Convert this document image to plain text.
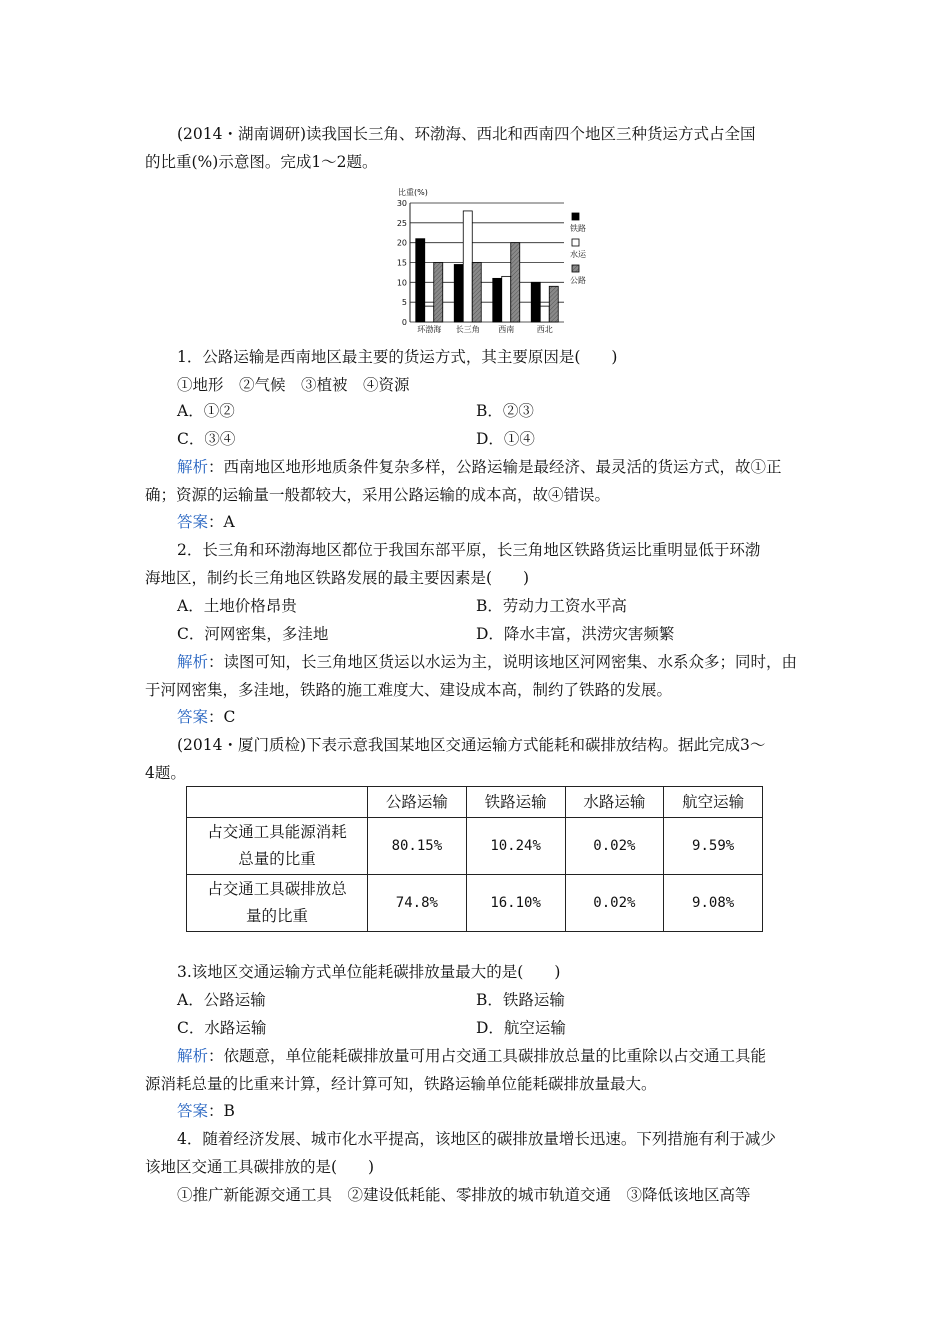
(2014・湖南调研)读我国长三角、环渤海、西北和西南四个地区三种货运方式占全国
的比重(%)示意图。完成1～2题。
比重(%)
30
25
20
15
10
5
0
环渤海 长三角 西南	西北
铁路
水运
公路
1．公路运输是西南地区最主要的货运方式，其主要原因是(　　)
①地形　②气候　③植被　④资源
A．①②	B．②③
C．③④	D．①④
解析：西南地区地形地质条件复杂多样，公路运输是最经济、最灵活的货运方式，故①正
确；资源的运输量一般都较大，采用公路运输的成本高，故④错误。
答案：A
2．长三角和环渤海地区都位于我国东部平原，长三角地区铁路货运比重明显低于环渤
海地区，制约长三角地区铁路发展的最主要因素是(　　)
A．土地价格昂贵	B．劳动力工资水平高
C．河网密集，多洼地	D．降水丰富，洪涝灾害频繁
解析：读图可知，长三角地区货运以水运为主，说明该地区河网密集、水系众多；同时，由
于河网密集，多洼地，铁路的施工难度大、建设成本高，制约了铁路的发展。
答案：C
(2014・厦门质检)下表示意我国某地区交通运输方式能耗和碳排放结构。据此完成3～
4题。
	公路运输	铁路运输	水路运输	航空运输

占交通工具能源消耗
总量的比重	80.15%	10.24%	0.02%	9.59%

占交通工具碳排放总
量的比重	74.8%	16.10%	0.02%	9.08%
3.该地区交通运输方式单位能耗碳排放量最大的是(　　)
A．公路运输	B．铁路运输
C．水路运输	D．航空运输
解析：依题意，单位能耗碳排放量可用占交通工具碳排放总量的比重除以占交通工具能
源消耗总量的比重来计算，经计算可知，铁路运输单位能耗碳排放量最大。
答案：B
4．随着经济发展、城市化水平提高，该地区的碳排放量增长迅速。下列措施有利于减少
该地区交通工具碳排放的是(　　)
①推广新能源交通工具　②建设低耗能、零排放的城市轨道交通　③降低该地区高等
